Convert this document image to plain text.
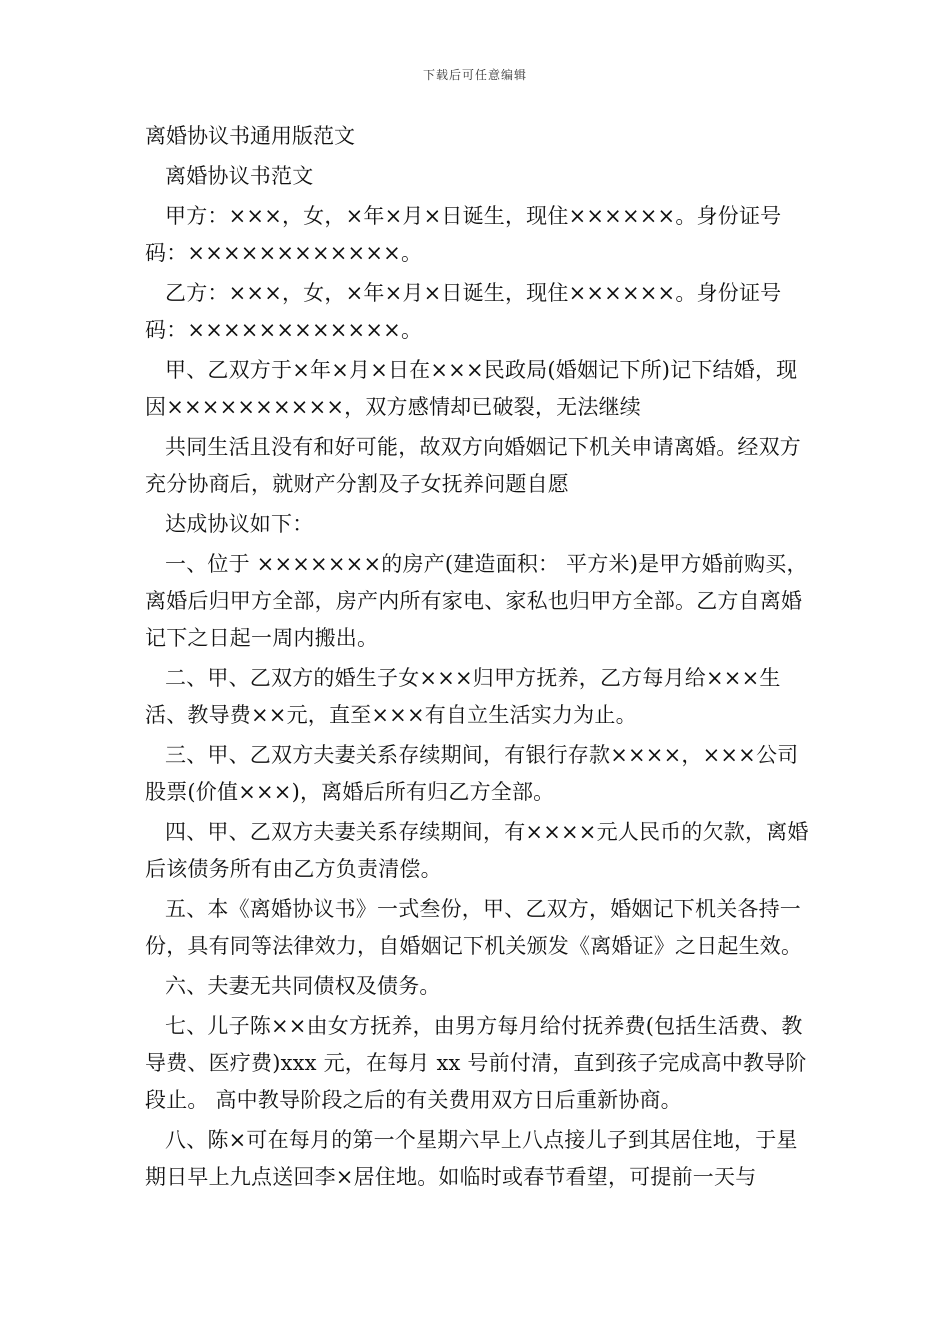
下载后可任意编辑

离婚协议书通用版范文

离婚协议书范文

甲方：×××，女，×年×月×日诞生，现住××××××。身份证号码：××××××××××××。

乙方：×××，女，×年×月×日诞生，现住××××××。身份证号码：××××××××××××。

甲、乙双方于×年×月×日在×××民政局(婚姻记下所)记下结婚，现因××××××××××，双方感情却已破裂，无法继续

共同生活且没有和好可能，故双方向婚姻记下机关申请离婚。经双方充分协商后，就财产分割及子女抚养问题自愿

达成协议如下：

一、位于 ×××××××的房产(建造面积： 平方米)是甲方婚前购买，离婚后归甲方全部，房产内所有家电、家私也归甲方全部。乙方自离婚记下之日起一周内搬出。

二、甲、乙双方的婚生子女×××归甲方抚养，乙方每月给×××生活、教导费××元，直至×××有自立生活实力为止。

三、甲、乙双方夫妻关系存续期间，有银行存款××××，×××公司股票(价值×××)，离婚后所有归乙方全部。

四、甲、乙双方夫妻关系存续期间，有××××元人民币的欠款，离婚后该债务所有由乙方负责清偿。

五、本《离婚协议书》一式叁份，甲、乙双方，婚姻记下机关各持一份，具有同等法律效力，自婚姻记下机关颁发《离婚证》之日起生效。

六、夫妻无共同债权及债务。

七、儿子陈××由女方抚养，由男方每月给付抚养费(包括生活费、教导费、医疗费)xxx 元，在每月 xx 号前付清，直到孩子完成高中教导阶段止。 高中教导阶段之后的有关费用双方日后重新协商。

八、陈×可在每月的第一个星期六早上八点接儿子到其居住地，于星期日早上九点送回李×居住地。如临时或春节看望，可提前一天与
